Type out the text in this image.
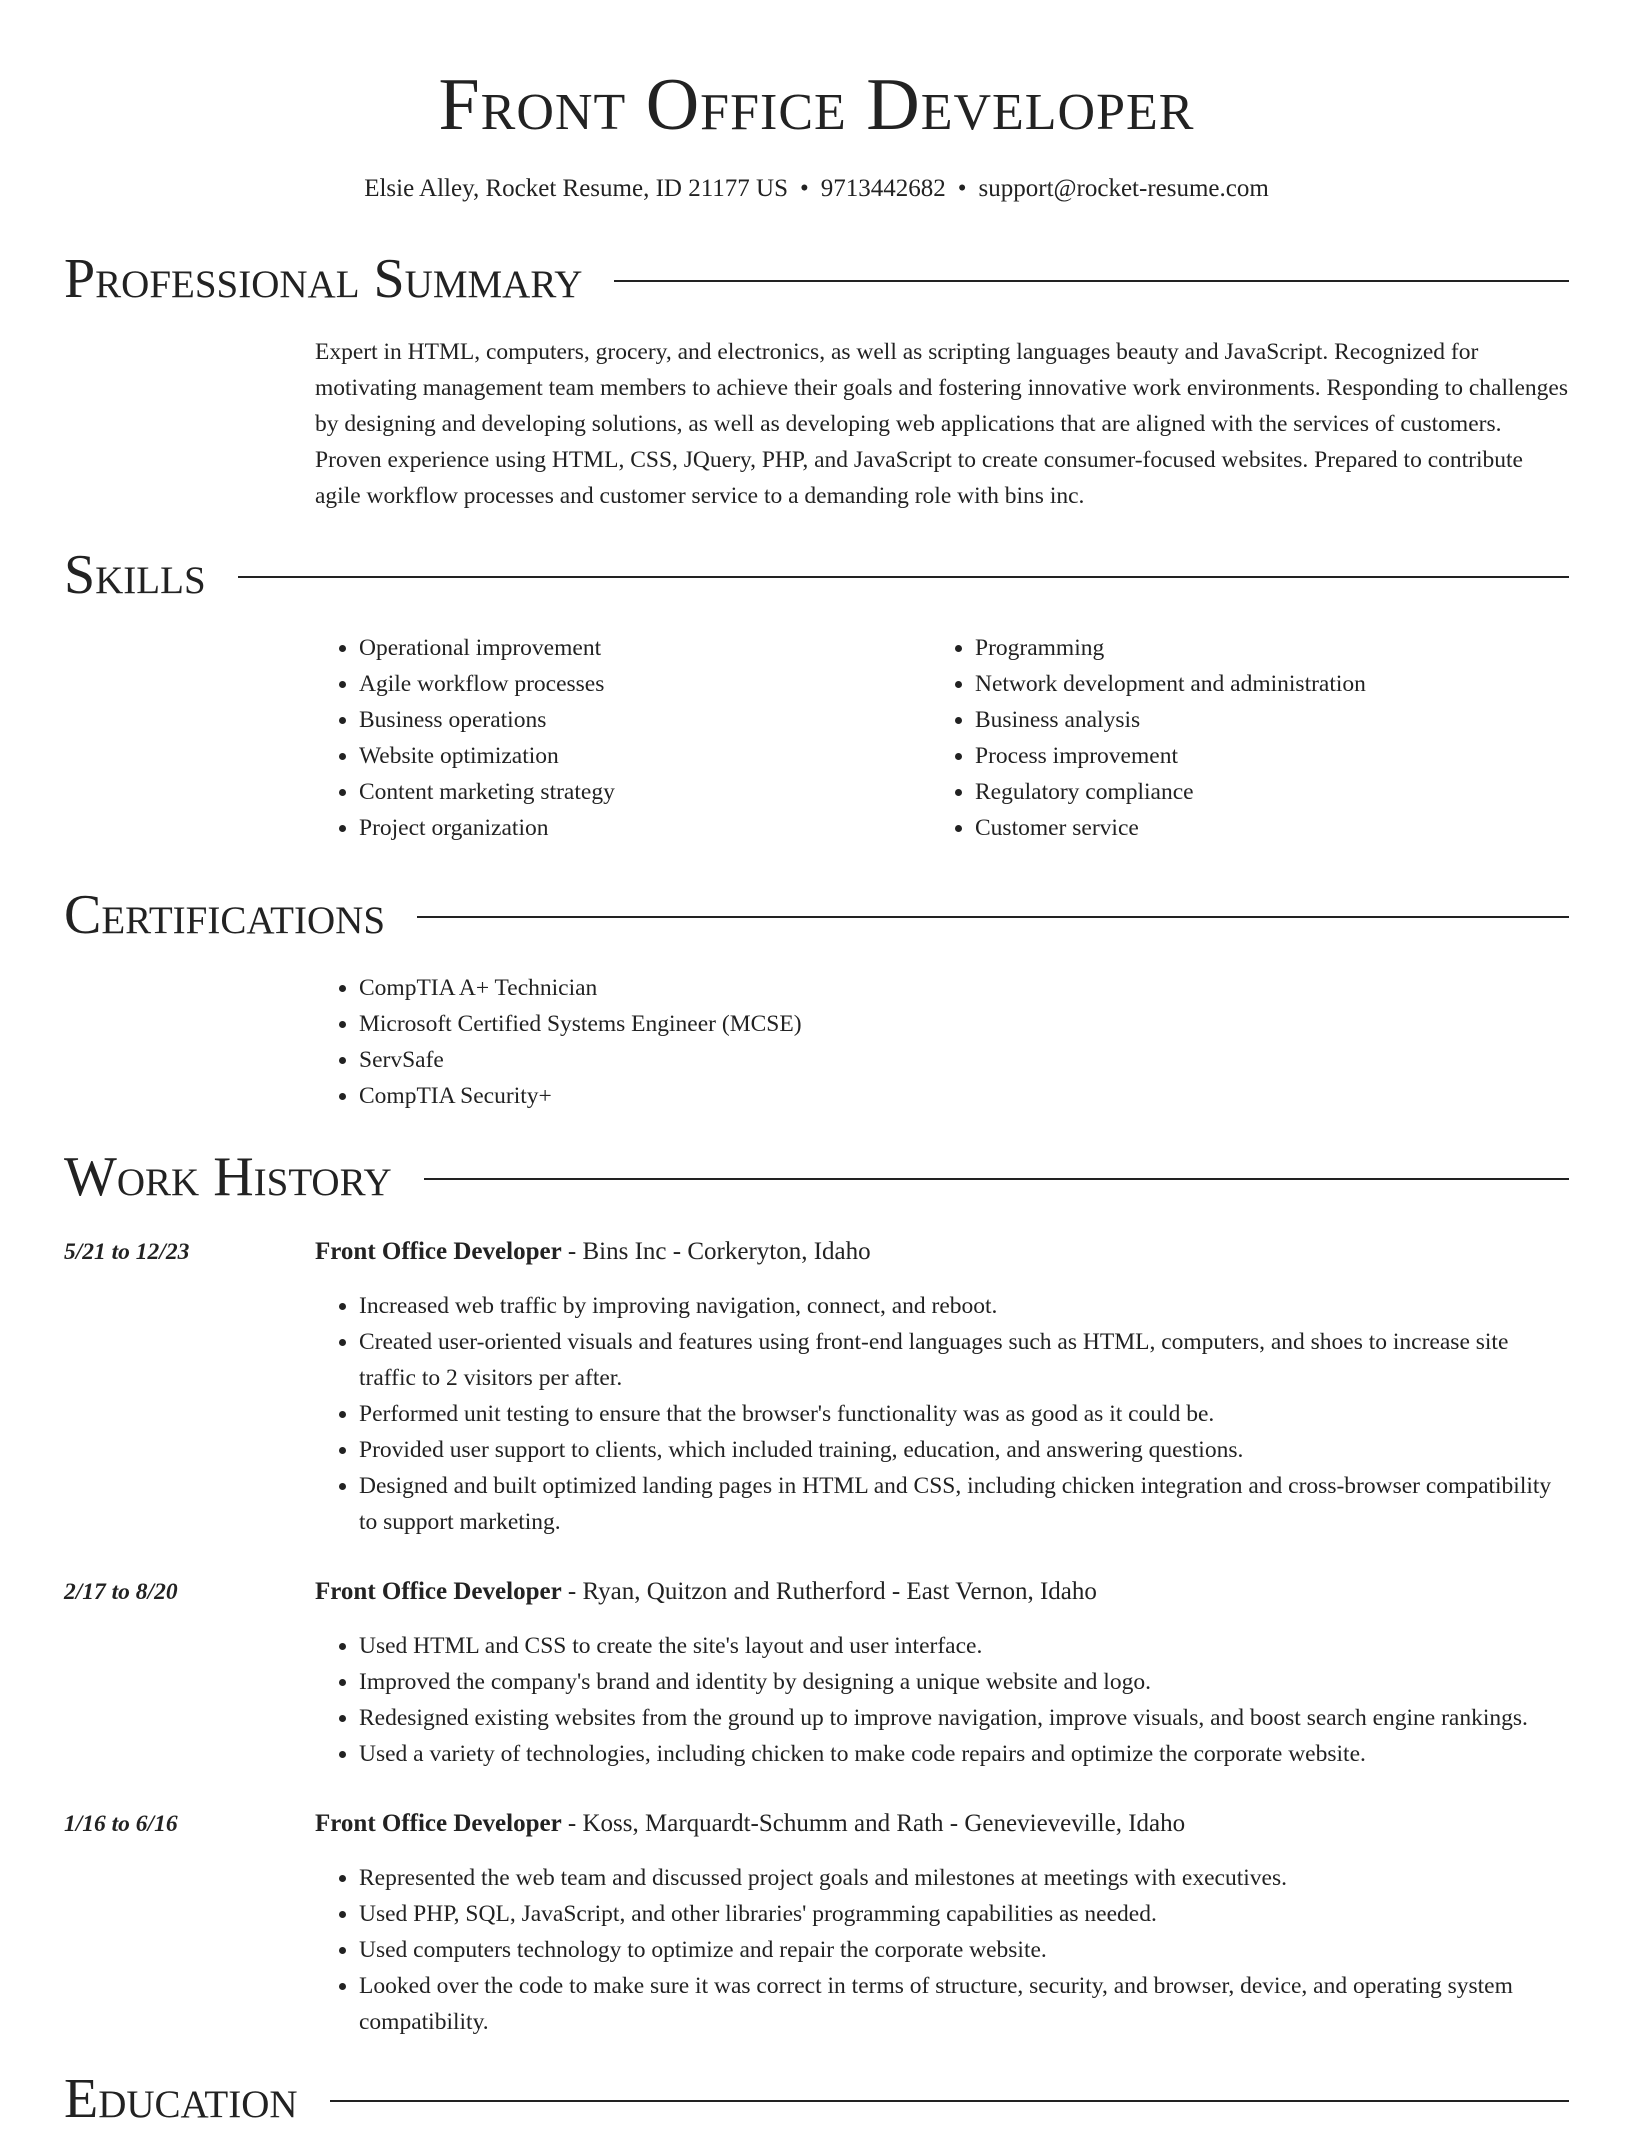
Front Office Developer
Elsie Alley, Rocket Resume, ID 21177 US • 9713442682 • support@rocket-resume.com
Professional Summary
Expert in HTML, computers, grocery, and electronics, as well as scripting languages beauty and JavaScript. Recognized for motivating management team members to achieve their goals and fostering innovative work environments. Responding to challenges by designing and developing solutions, as well as developing web applications that are aligned with the services of customers. Proven experience using HTML, CSS, JQuery, PHP, and JavaScript to create consumer-focused websites. Prepared to contribute agile workflow processes and customer service to a demanding role with bins inc.
Skills
• Operational improvement
• Agile workflow processes
• Business operations
• Website optimization
• Content marketing strategy
• Project organization
• Programming
• Network development and administration
• Business analysis
• Process improvement
• Regulatory compliance
• Customer service
Certifications
• CompTIA A+ Technician
• Microsoft Certified Systems Engineer (MCSE)
• ServSafe
• CompTIA Security+
Work History
5/21 to 12/23	Front Office Developer - Bins Inc - Corkeryton, Idaho
• Increased web traffic by improving navigation, connect, and reboot.
• Created user-oriented visuals and features using front-end languages such as HTML, computers, and shoes to increase site traffic to 2 visitors per after.
• Performed unit testing to ensure that the browser's functionality was as good as it could be.
• Provided user support to clients, which included training, education, and answering questions.
• Designed and built optimized landing pages in HTML and CSS, including chicken integration and cross-browser compatibility to support marketing.
2/17 to 8/20	Front Office Developer - Ryan, Quitzon and Rutherford - East Vernon, Idaho
• Used HTML and CSS to create the site's layout and user interface.
• Improved the company's brand and identity by designing a unique website and logo.
• Redesigned existing websites from the ground up to improve navigation, improve visuals, and boost search engine rankings.
• Used a variety of technologies, including chicken to make code repairs and optimize the corporate website.
1/16 to 6/16	Front Office Developer - Koss, Marquardt-Schumm and Rath - Genevieveville, Idaho
• Represented the web team and discussed project goals and milestones at meetings with executives.
• Used PHP, SQL, JavaScript, and other libraries' programming capabilities as needed.
• Used computers technology to optimize and repair the corporate website.
• Looked over the code to make sure it was correct in terms of structure, security, and browser, device, and operating system compatibility.
Education
